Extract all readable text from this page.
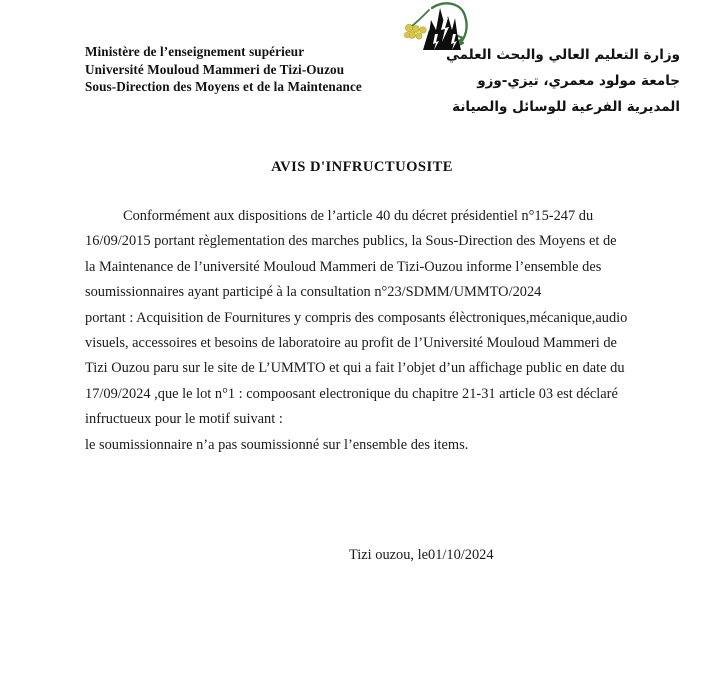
Ministère de l’enseignement supérieur
Université Mouloud Mammeri de Tizi-Ouzou
Sous-Direction des Moyens et de la Maintenance
وزارة التعليم العالي والبحث العلمي
جامعة مولود معمري، تيزي-وزو
المديرية الفرعية للوسائل والصيانة
AVIS D'INFRUCTUOSITE
Conformément aux dispositions de l’article 40 du décret présidentiel n°15-247 du
16/09/2015 portant règlementation des marches publics, la Sous-Direction des Moyens et de
la Maintenance de l’université Mouloud Mammeri de Tizi-Ouzou informe l’ensemble des
soumissionnaires ayant participé à la consultation n°23/SDMM/UMMTO/2024
portant : Acquisition de Fournitures y compris des composants élèctroniques,mécanique,audio
visuels, accessoires et besoins de laboratoire au profit de l’Université Mouloud Mammeri de
Tizi Ouzou paru sur le site de L’UMMTO et qui a fait l’objet d’un affichage public en date du
17/09/2024 ,que le lot n°1 : compoosant electronique du chapitre 21-31 article 03 est déclaré
infructueux pour le motif suivant :
le soumissionnaire n’a pas soumissionné sur l’ensemble des items.
Tizi ouzou, le01/10/2024
